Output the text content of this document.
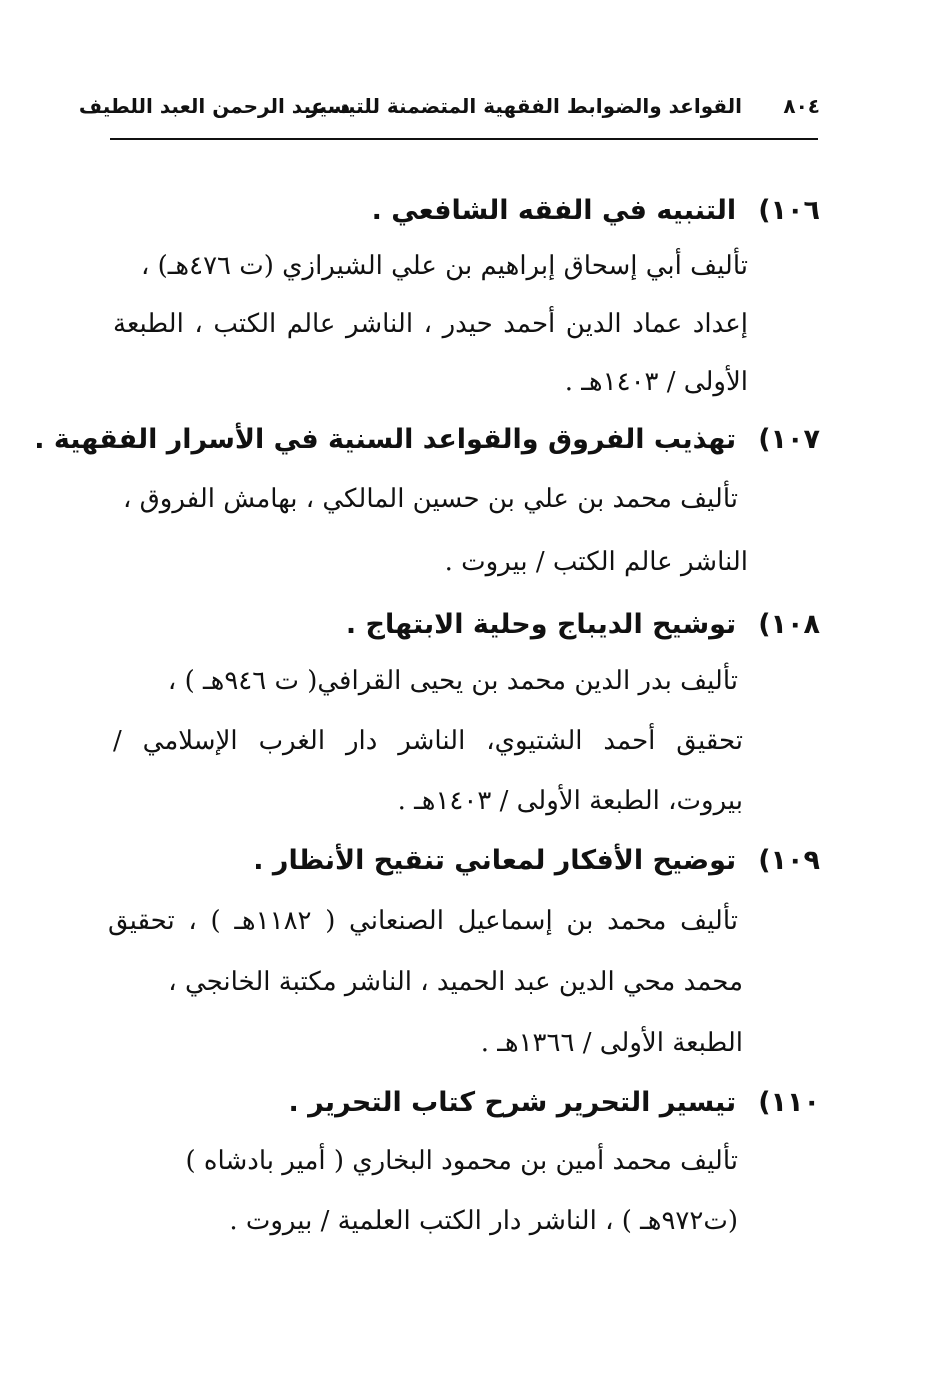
٨٠٤
القواعد والضوابط الفقهية المتضمنة للتيسير
د. عبد الرحمن العبد اللطيف
١٠٦)التنبيه في الفقه الشافعي .
تأليف أبي إسحاق إبراهيم بن علي الشيرازي (ت ٤٧٦هـ) ،
إعداد عماد الدين أحمد حيدر ، الناشر عالم الكتب ، الطبعة
الأولى / ١٤٠٣هـ .
١٠٧)تهذيب الفروق والقواعد السنية في الأسرار الفقهية .
تأليف محمد بن علي بن حسين المالكي ، بهامش الفروق ،
الناشر عالم الكتب / بيروت .
١٠٨)توشيح الديباج وحلية الابتهاج .
تأليف بدر الدين محمد بن يحيى القرافي( ت ٩٤٦هـ ) ،
تحقيق أحمد الشتيوي، الناشر دار الغرب الإسلامي /
بيروت، الطبعة الأولى / ١٤٠٣هـ .
١٠٩)توضيح الأفكار لمعاني تنقيح الأنظار .
تأليف محمد بن إسماعيل الصنعاني ( ١١٨٢هـ ) ، تحقيق
محمد محي الدين عبد الحميد ، الناشر مكتبة الخانجي ،
الطبعة الأولى / ١٣٦٦هـ .
١١٠)تيسير التحرير شرح كتاب التحرير .
تأليف محمد أمين بن محمود البخاري ( أمير بادشاه )
(ت٩٧٢هـ ) ، الناشر دار الكتب العلمية / بيروت .
